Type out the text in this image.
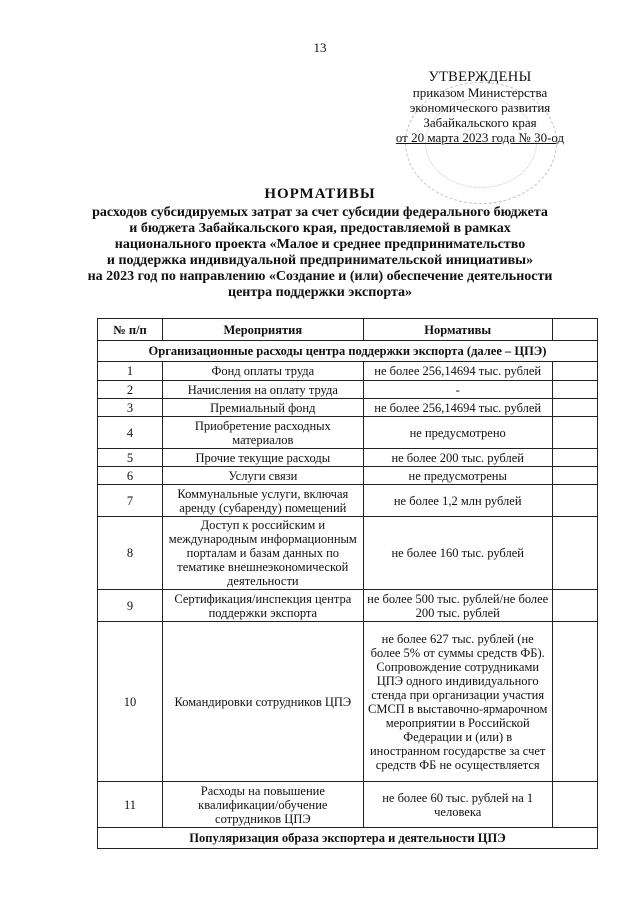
13
УТВЕРЖДЕНЫ
приказом Министерства
экономического развития
Забайкальского края
от 20 марта 2023 года № 30-од
НОРМАТИВЫ
расходов субсидируемых затрат за счет субсидии федерального бюджета
и бюджета Забайкальского края, предоставляемой в рамках
национального проекта «Малое и среднее предпринимательство
и поддержка индивидуальной предпринимательской инициативы»
на 2023 год по направлению «Создание и (или) обеспечение деятельности
центра поддержки экспорта»
№ п/п	Мероприятия	Нормативы	
Организационные расходы центра поддержки экспорта (далее – ЦПЭ)			
1	Фонд оплаты труда	не более 256,14694 тыс. рублей	
2	Начисления на оплату труда	-	
3	Премиальный фонд	не более 256,14694 тыс. рублей	
4	Приобретение расходных материалов	не предусмотрено	
5	Прочие текущие расходы	не более 200 тыс. рублей	
6	Услуги связи	не предусмотрены	
7	Коммунальные услуги, включая аренду (субаренду) помещений	не более 1,2 млн рублей	
8	Доступ к российским и международным информационным порталам и базам данных по тематике внешнеэкономической деятельности	не более 160 тыс. рублей	
9	Сертификация/инспекция центра поддержки экспорта	не более 500 тыс. рублей/не более 200 тыс. рублей	
10	Командировки сотрудников ЦПЭ	не более 627 тыс. рублей (не более 5% от суммы средств ФБ). Сопровождение сотрудниками ЦПЭ одного индивидуального стенда при организации участия СМСП в выставочно-ярмарочном мероприятии в Российской Федерации и (или) в иностранном государстве за счет средств ФБ не осуществляется	
11	Расходы на повышение квалификации/обучение сотрудников ЦПЭ	не более 60 тыс. рублей на 1 человека	
Популяризация образа экспортера и деятельности ЦПЭ			
